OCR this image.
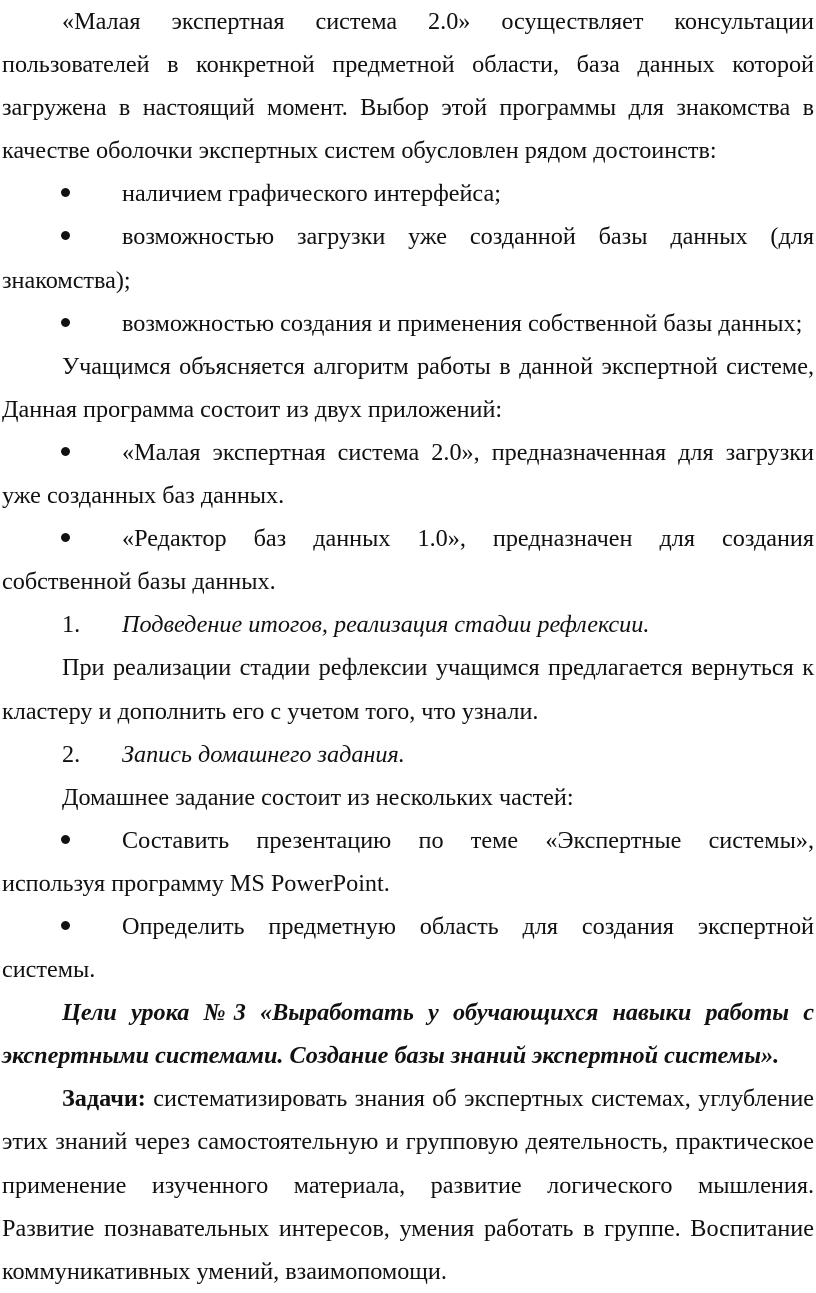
«Малая экспертная система 2.0» осуществляет консультации пользователей в конкретной предметной области, база данных которой загружена в настоящий момент. Выбор этой программы для знакомства в качестве оболочки экспертных систем обусловлен рядом достоинств:

наличием графического интерфейса;

возможностью загрузки уже созданной базы данных (для знакомства);

возможностью создания и применения собственной базы данных;

Учащимся объясняется алгоритм работы в данной экспертной системе, Данная программа состоит из двух приложений:

«Малая экспертная система 2.0», предназначенная для загрузки уже созданных баз данных.

«Редактор баз данных 1.0», предназначен для создания собственной базы данных.

1.	Подведение итогов, реализация стадии рефлексии.

При реализации стадии рефлексии учащимся предлагается вернуться к кластеру и дополнить его с учетом того, что узнали.

2.	Запись домашнего задания.

Домашнее задание состоит из нескольких частей:

Составить презентацию по теме «Экспертные системы», используя программу MS PowerPoint.

Определить предметную область для создания экспертной системы.

Цели урока №3 «Выработать у обучающихся навыки работы с экспертными системами. Создание базы знаний экспертной системы».

Задачи: систематизировать знания об экспертных системах, углубление этих знаний через самостоятельную и групповую деятельность, практическое применение изученного материала, развитие логического мышления. Развитие познавательных интересов, умения работать в группе. Воспитание коммуникативных умений, взаимопомощи.
